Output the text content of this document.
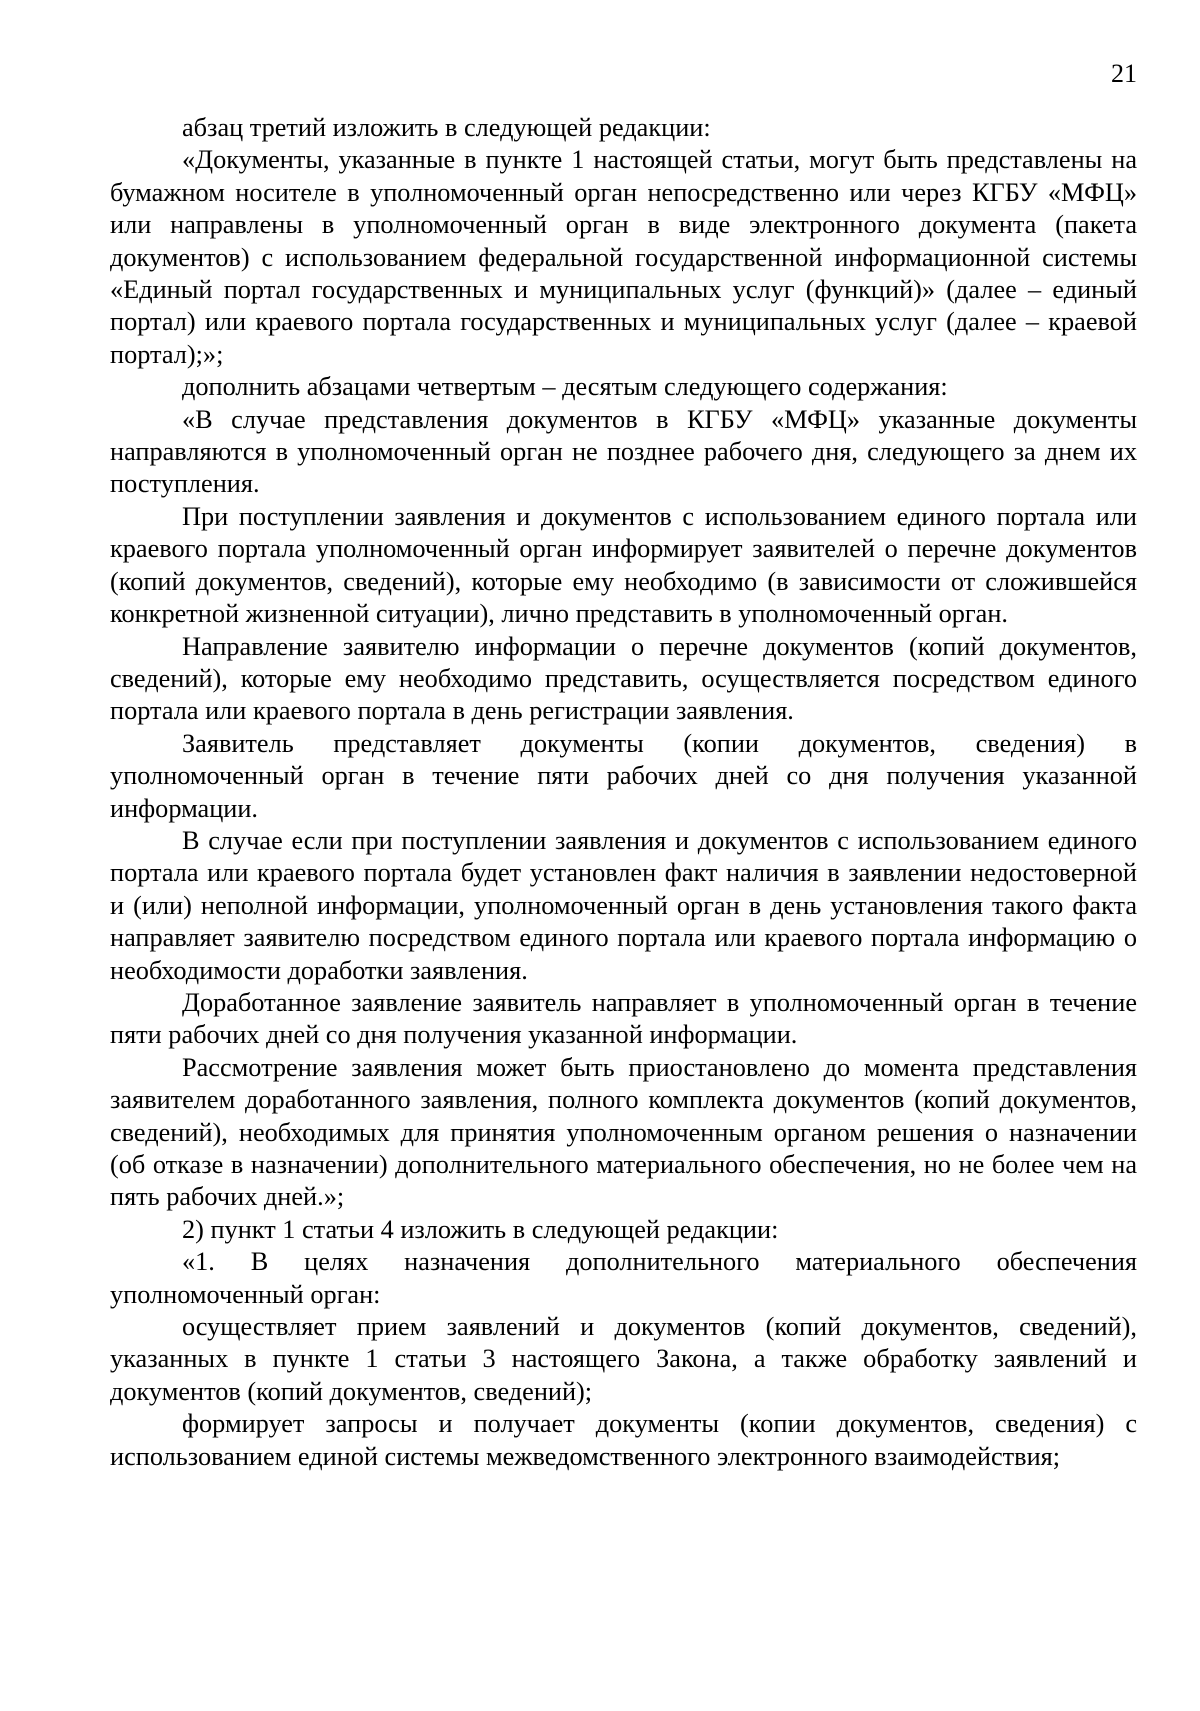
21

абзац третий изложить в следующей редакции:

«Документы, указанные в пункте 1 настоящей статьи, могут быть представлены на бумажном носителе в уполномоченный орган непосредственно или через КГБУ «МФЦ» или направлены в уполномоченный орган в виде электронного документа (пакета документов) с использованием федеральной государственной информационной системы «Единый портал государственных и муниципальных услуг (функций)» (далее – единый портал) или краевого портала государственных и муниципальных услуг (далее – краевой портал);»;

дополнить абзацами четвертым – десятым следующего содержания:

«В случае представления документов в КГБУ «МФЦ» указанные документы направляются в уполномоченный орган не позднее рабочего дня, следующего за днем их поступления.

При поступлении заявления и документов с использованием единого портала или краевого портала уполномоченный орган информирует заявителей о перечне документов (копий документов, сведений), которые ему необходимо (в зависимости от сложившейся конкретной жизненной ситуации), лично представить в уполномоченный орган.

Направление заявителю информации о перечне документов (копий документов, сведений), которые ему необходимо представить, осуществляется посредством единого портала или краевого портала в день регистрации заявления.

Заявитель представляет документы (копии документов, сведения) в уполномоченный орган в течение пяти рабочих дней со дня получения указанной информации.

В случае если при поступлении заявления и документов с использованием единого портала или краевого портала будет установлен факт наличия в заявлении недостоверной и (или) неполной информации, уполномоченный орган в день установления такого факта направляет заявителю посредством единого портала или краевого портала информацию о необходимости доработки заявления.

Доработанное заявление заявитель направляет в уполномоченный орган в течение пяти рабочих дней со дня получения указанной информации.

Рассмотрение заявления может быть приостановлено до момента представления заявителем доработанного заявления, полного комплекта документов (копий документов, сведений), необходимых для принятия уполномоченным органом решения о назначении (об отказе в назначении) дополнительного материального обеспечения, но не более чем на пять рабочих дней.»;

2) пункт 1 статьи 4 изложить в следующей редакции:

«1. В целях назначения дополнительного материального обеспечения уполномоченный орган:

осуществляет прием заявлений и документов (копий документов, сведений), указанных в пункте 1 статьи 3 настоящего Закона, а также обработку заявлений и документов (копий документов, сведений);

формирует запросы и получает документы (копии документов, сведения) с использованием единой системы межведомственного электронного взаимодействия;
